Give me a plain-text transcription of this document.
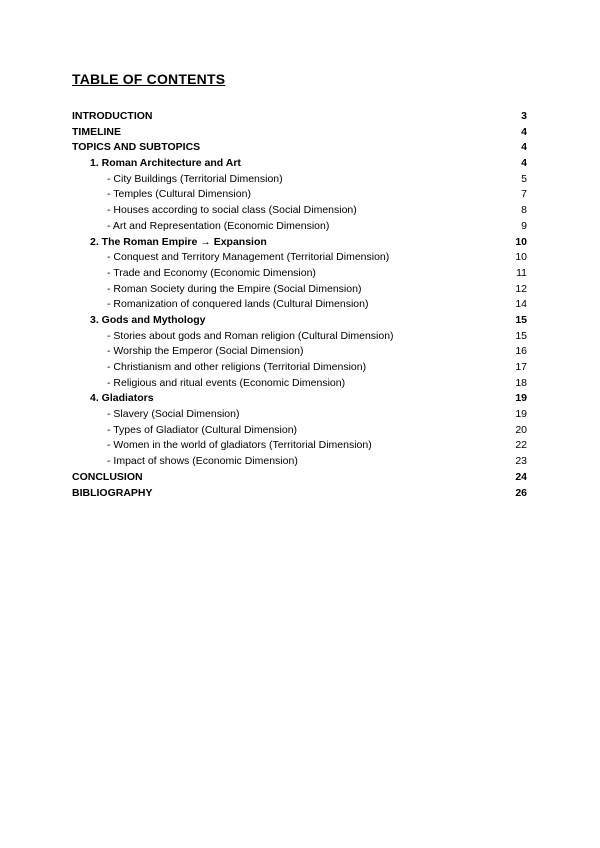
TABLE OF CONTENTS
INTRODUCTION	3
TIMELINE	4
TOPICS AND SUBTOPICS	4
1. Roman Architecture and Art	4
- City Buildings (Territorial Dimension)	5
- Temples (Cultural Dimension)	7
- Houses according to social class (Social Dimension)	8
- Art and Representation (Economic Dimension)	9
2. The Roman Empire → Expansion	10
- Conquest and Territory Management (Territorial Dimension)	10
- Trade and Economy (Economic Dimension)	11
- Roman Society during the Empire (Social Dimension)	12
- Romanization of conquered lands (Cultural Dimension)	14
3. Gods and Mythology	15
- Stories about gods and Roman religion (Cultural Dimension)	15
- Worship the Emperor (Social Dimension)	16
- Christianism and other religions (Territorial Dimension)	17
- Religious and ritual events (Economic Dimension)	18
4. Gladiators	19
- Slavery (Social Dimension)	19
- Types of Gladiator (Cultural Dimension)	20
- Women in the world of gladiators (Territorial Dimension)	22
- Impact of shows (Economic Dimension)	23
CONCLUSION	24
BIBLIOGRAPHY	26
